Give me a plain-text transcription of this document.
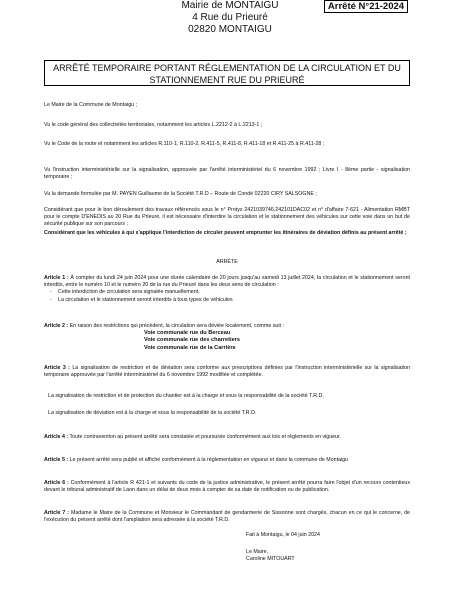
Mairie de MONTAIGU
4 Rue du Prieuré
02820 MONTAIGU
Arrêté N°21-2024
ARRÊTÉ TEMPORAIRE PORTANT RÉGLEMENTATION DE LA CIRCULATION ET DU
STATIONNEMENT RUE DU PRIEURÉ
Le Maire de la Commune de Montaigu ;
Vu le code général des collectivités territoriales, notamment les articles L.2212-2 à L.2213-1 ;
Vu le Code de la route et notamment les articles R.110-1, R.110-2, R.411-5, R.411-8, R.411-18 et R.411-25 à R.411-28 ;
Vu l'instruction interministérielle sur la signalisation, approuvée par l'arrêté interministériel du 6 novembre 1992 ; Livre I - 8ème partie - signalisation temporaire ;
Vu la demande formulée par M. PAYEN Guillaume de la Société T.R.D – Route de Condé 02220 CIRY SALSOGNE ;
Considérant que pour le bon déroulement des travaux référencés sous le n° Protys 2421039746.242101DAC02 et n° d'affaire 7-621 - Alimentation RMBT pour le compte D'ENEDIS au 20 Rue du Prieuré, il est nécessaire d'interdire la circulation et le stationnement des véhicules sur cette voie dans un but de sécurité publique sur son parcours ;
Considérant que les véhicules à qui s'applique l'interdiction de circuler peuvent emprunter les itinéraires de déviation définis au présent arrêté ;
ARRÊTE
Article 1 : À compter du lundi 24 juin 2024 pour une durée calendaire de 20 jours jusqu'au samedi 13 juillet 2024, la circulation et le stationnement seront interdits, entre le numéro 10 et le numéro 20 de la rue du Prieuré dans les deux sens de circulation :
- Cette interdiction de circulation sera signalée manuellement,
- La circulation et le stationnement seront interdits à tous types de véhicules
Article 2 : En raison des restrictions qui précèdent, la circulation sera déviée localement, comme suit :
Voie communale rue du Berceau
Voie communale rue des charretiers
Voie communale rue de la Carrière
Article 3 : La signalisation de restriction et de déviation sera conforme aux prescriptions définies par l'instruction interministérielle sur la signalisation temporaire approuvée par l'arrêté interministériel du 6 novembre 1992 modifiée et complétée.
La signalisation de restriction et de protection du chantier est à la charge et sous la responsabilité de la société T.R.D.
La signalisation de déviation est à la charge et sous la responsabilité de la société T.R.D.
Article 4 : Toute contravention au présent arrêté sera constatée et poursuivie conformément aux lois et règlements en vigueur.
Article 5 : Le présent arrêté sera publié et affiché conformément à la réglementation en vigueur et dans la commune de Montaigu
Article 6 : Conformément à l'article R 421-1 et suivants du code de la justice administrative, le présent arrêté pourra faire l'objet d'un recours contentieux devant le tribunal administratif de Laon dans un délai de deux mois à compter de sa date de notification ou de publication.
Article 7 : Madame le Maire de la Commune et Monsieur le Commandant de gendarmerie de Sissonne sont chargés, chacun en ce qui le concerne, de l'exécution du présent arrêté dont l'ampliation sera adressée à la société T.R.D.
Fait à Montaigu, le 04 juin 2024
Le Maire,
Caroline MITOUART
